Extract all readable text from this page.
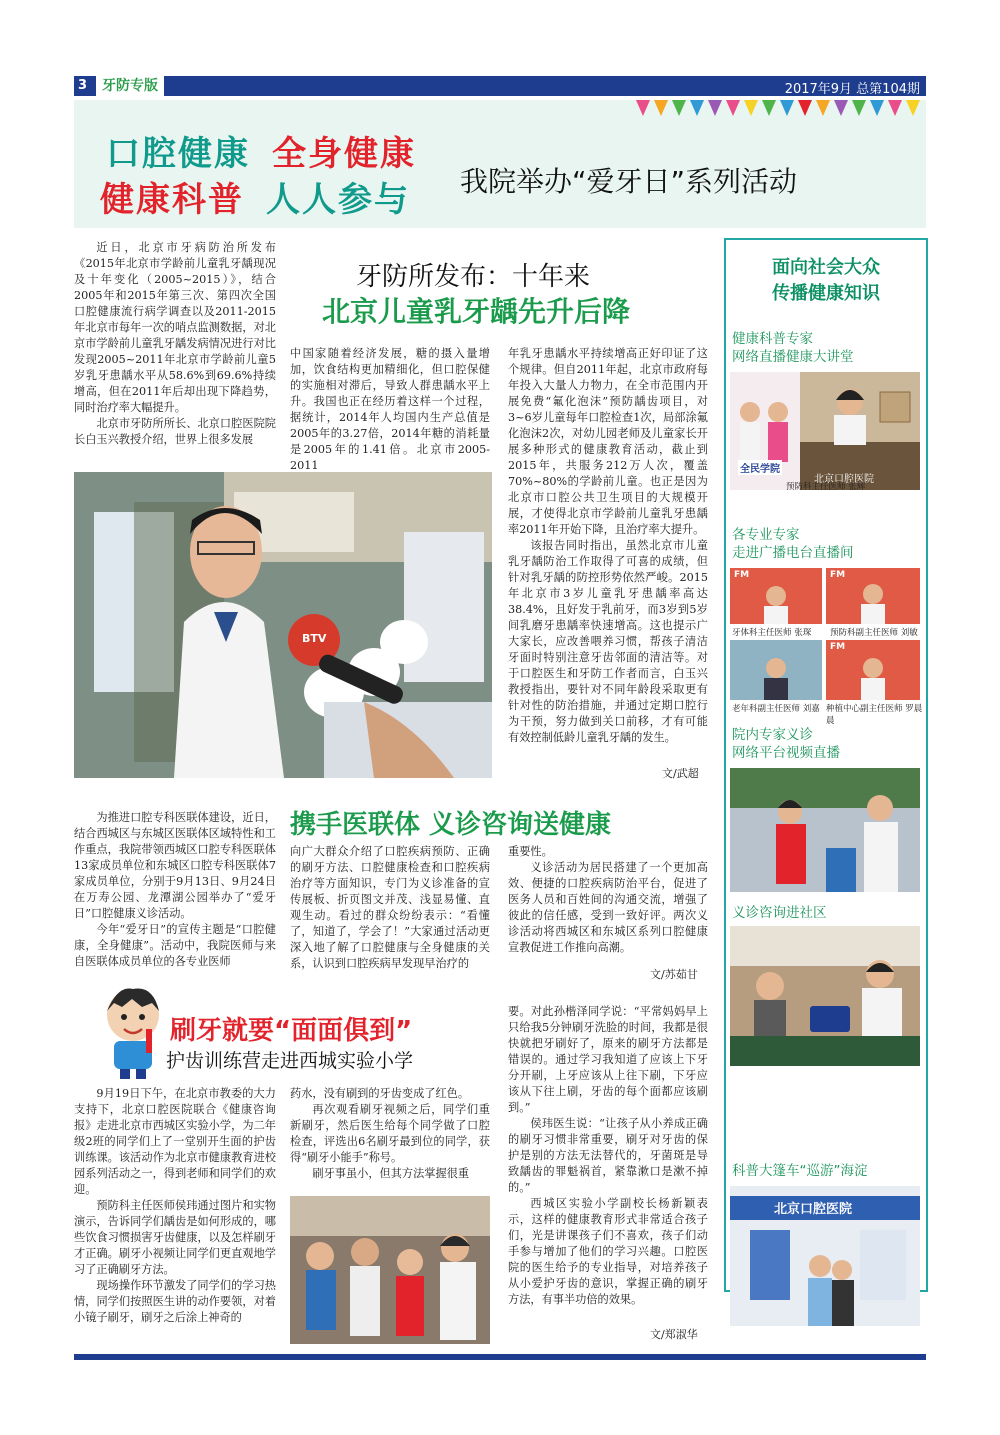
3	牙防专版	2017年9月 总第104期
口腔健康 全身健康
健康科普 人人参与 我院举办“爱牙日”系列活动
牙防所发布：十年来
北京儿童乳牙龋先升后降

近日，北京市牙病防治所发布《2015年北京市学龄前儿童乳牙龋现况及十年变化（2005~2015）》，结合2005年和2015年第三次、第四次全国口腔健康流行病学调查以及2011-2015年北京市每年一次的哨点监测数据，对北京市学龄前儿童乳牙龋发病情况进行对比发现2005~2011年北京市学龄前儿童5岁乳牙患龋水平从58.6%到69.6%持续增高，但在2011年后却出现下降趋势，同时治疗率大幅提升。

北京市牙防所所长、北京口腔医院院长白玉兴教授介绍，世界上很多发展

中国家随着经济发展，糖的摄入量增加，饮食结构更加精细化，但口腔保健的实施相对滞后，导致人群患龋水平上升。我国也正在经历着这样一个过程，据统计，2014年人均国内生产总值是2005年的3.27倍，2014年糖的消耗量是2005年的1.41倍。北京市2005-2011

年乳牙患龋水平持续增高正好印证了这个规律。但自2011年起，北京市政府每年投入大量人力物力，在全市范围内开展免费“氟化泡沫”预防龋齿项目，对3~6岁儿童每年口腔检查1次，局部涂氟化泡沫2次，对幼儿园老师及儿童家长开展多种形式的健康教育活动，截止到2015年，共服务212万人次，覆盖70%~80%的学龄前儿童。也正是因为北京市口腔公共卫生项目的大规模开展，才使得北京市学龄前儿童乳牙患龋率2011年开始下降，且治疗率大提升。

该报告同时指出，虽然北京市儿童乳牙龋防治工作取得了可喜的成绩，但针对乳牙龋的防控形势依然严峻。2015年北京市3岁儿童乳牙患龋率高达38.4%，且好发于乳前牙，而3岁到5岁间乳磨牙患龋率快速增高。这也提示广大家长，应改善喂养习惯，帮孩子清洁牙面时特别注意牙齿邻面的清洁等。对于口腔医生和牙防工作者而言，白玉兴教授指出，要针对不同年龄段采取更有针对性的防治措施，并通过定期口腔行为干预，努力做到关口前移，才有可能有效控制低龄儿童乳牙龋的发生。

文/武超
BTV
携手医联体 义诊咨询送健康

为推进口腔专科医联体建设，近日，结合西城区与东城区医联体区域特性和工作重点，我院带领西城区口腔专科医联体13家成员单位和东城区口腔专科医联体7家成员单位，分别于9月13日、9月24日在万寿公园、龙潭湖公园举办了“爱牙日”口腔健康义诊活动。

今年“爱牙日”的宣传主题是“口腔健康，全身健康”。活动中，我院医师与来自医联体成员单位的各专业医师

向广大群众介绍了口腔疾病预防、正确的刷牙方法、口腔健康检查和口腔疾病治疗等方面知识，专门为义诊准备的宣传展板、折页图文并茂、浅显易懂、直观生动。看过的群众纷纷表示：“看懂了，知道了，学会了！”大家通过活动更深入地了解了口腔健康与全身健康的关系，认识到口腔疾病早发现早治疗的

重要性。

义诊活动为居民搭建了一个更加高效、便捷的口腔疾病防治平台，促进了医务人员和百姓间的沟通交流，增强了彼此的信任感，受到一致好评。两次义诊活动将西城区和东城区系列口腔健康宣教促进工作推向高潮。

文/苏茹甘
刷牙就要“面面俱到”
护齿训练营走进西城实验小学

9月19日下午，在北京市教委的大力支持下，北京口腔医院联合《健康咨询报》走进北京市西城区实验小学，为二年级2班的同学们上了一堂别开生面的护齿训练课。该活动作为北京市健康教育进校园系列活动之一，得到老师和同学们的欢迎。

预防科主任医师侯玮通过图片和实物演示，告诉同学们龋齿是如何形成的，哪些饮食习惯损害牙齿健康，以及怎样刷牙才正确。刷牙小视频让同学们更直观地学习了正确刷牙方法。

现场操作环节激发了同学们的学习热情，同学们按照医生讲的动作要领，对着小镜子刷牙，刷牙之后涂上神奇的

药水，没有刷到的牙齿变成了红色。

再次观看刷牙视频之后，同学们重新刷牙，然后医生给每个同学做了口腔检查，评选出6名刷牙最到位的同学，获得“刷牙小能手”称号。

刷牙事虽小，但其方法掌握很重

要。对此孙楷泽同学说：“平常妈妈早上只给我5分钟刷牙洗脸的时间，我都是很快就把牙刷好了，原来的刷牙方法都是错误的。通过学习我知道了应该上下牙分开刷，上牙应该从上往下刷，下牙应该从下往上刷，牙齿的每个面都应该刷到。”

侯玮医生说：“让孩子从小养成正确的刷牙习惯非常重要，刷牙对牙齿的保护是别的方法无法替代的，牙菌斑是导致龋齿的罪魁祸首，紧靠漱口是漱不掉的。”

西城区实验小学副校长杨新颖表示，这样的健康教育形式非常适合孩子们，光是讲课孩子们不喜欢，孩子们动手参与增加了他们的学习兴趣。口腔医院的医生给予的专业指导，对培养孩子从小爱护牙齿的意识，掌握正确的刷牙方法，有事半功倍的效果。

文/郑淑华
面向社会大众
传播健康知识
健康科普专家
网络直播健康大讲堂
全民学院
北京口腔医院
预防科主任医师 张辉
各专业专家
走进广播电台直播间
FM	FM
牙体科主任医师 张琛 预防科副主任医师 刘敏
FM
老年科副主任医师 刘嘉 种植中心副主任医师 罗晨晨
院内专家义诊
网络平台视频直播
义诊咨询进社区
科普大篷车“巡游”海淀
北京口腔医院
